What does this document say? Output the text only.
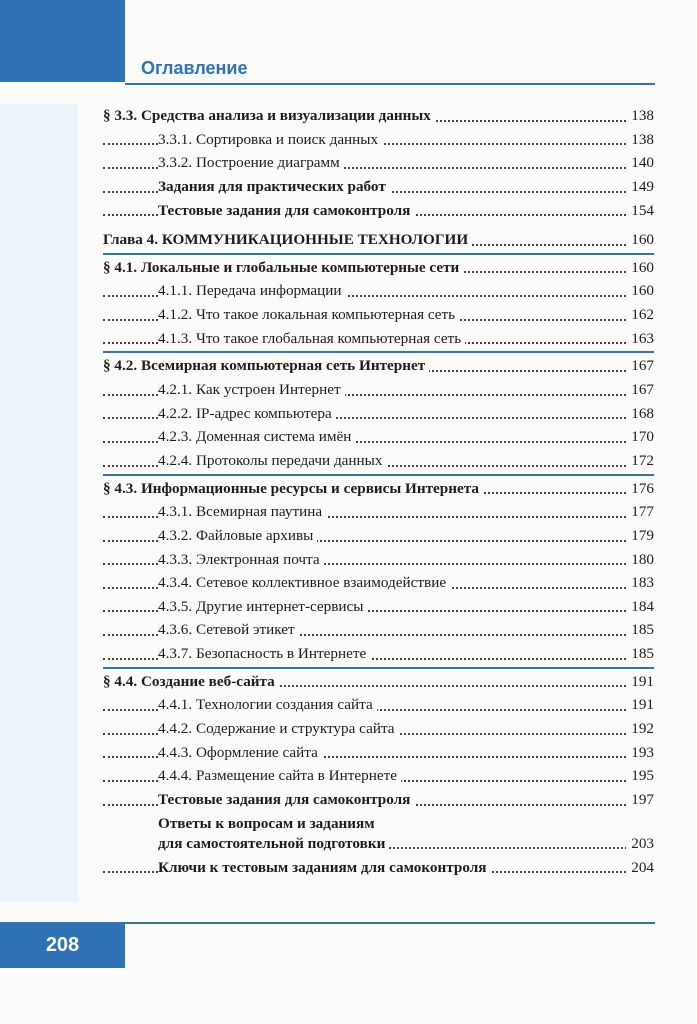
Оглавление
§ 3.3. Средства анализа и визуализации данных	138
3.3.1. Сортировка и поиск данных	138
3.3.2. Построение диаграмм	140
Задания для практических работ	149
Тестовые задания для самоконтроля	154
Глава 4. КОММУНИКАЦИОННЫЕ ТЕХНОЛОГИИ	160
§ 4.1. Локальные и глобальные компьютерные сети	160
4.1.1. Передача информации	160
4.1.2. Что такое локальная компьютерная сеть	162
4.1.3. Что такое глобальная компьютерная сеть	163
§ 4.2. Всемирная компьютерная сеть Интернет	167
4.2.1. Как устроен Интернет	167
4.2.2. IP-адрес компьютера	168
4.2.3. Доменная система имён	170
4.2.4. Протоколы передачи данных	172
§ 4.3. Информационные ресурсы и сервисы Интернета	176
4.3.1. Всемирная паутина	177
4.3.2. Файловые архивы	179
4.3.3. Электронная почта	180
4.3.4. Сетевое коллективное взаимодействие	183
4.3.5. Другие интернет-сервисы	184
4.3.6. Сетевой этикет	185
4.3.7. Безопасность в Интернете	185
§ 4.4. Создание веб-сайта	191
4.4.1. Технологии создания сайта	191
4.4.2. Содержание и структура сайта	192
4.4.3. Оформление сайта	193
4.4.4. Размещение сайта в Интернете	195
Тестовые задания для самоконтроля	197
Ответы к вопросам и заданиям
для самостоятельной подготовки	203
Ключи к тестовым заданиям для самоконтроля	204
208
